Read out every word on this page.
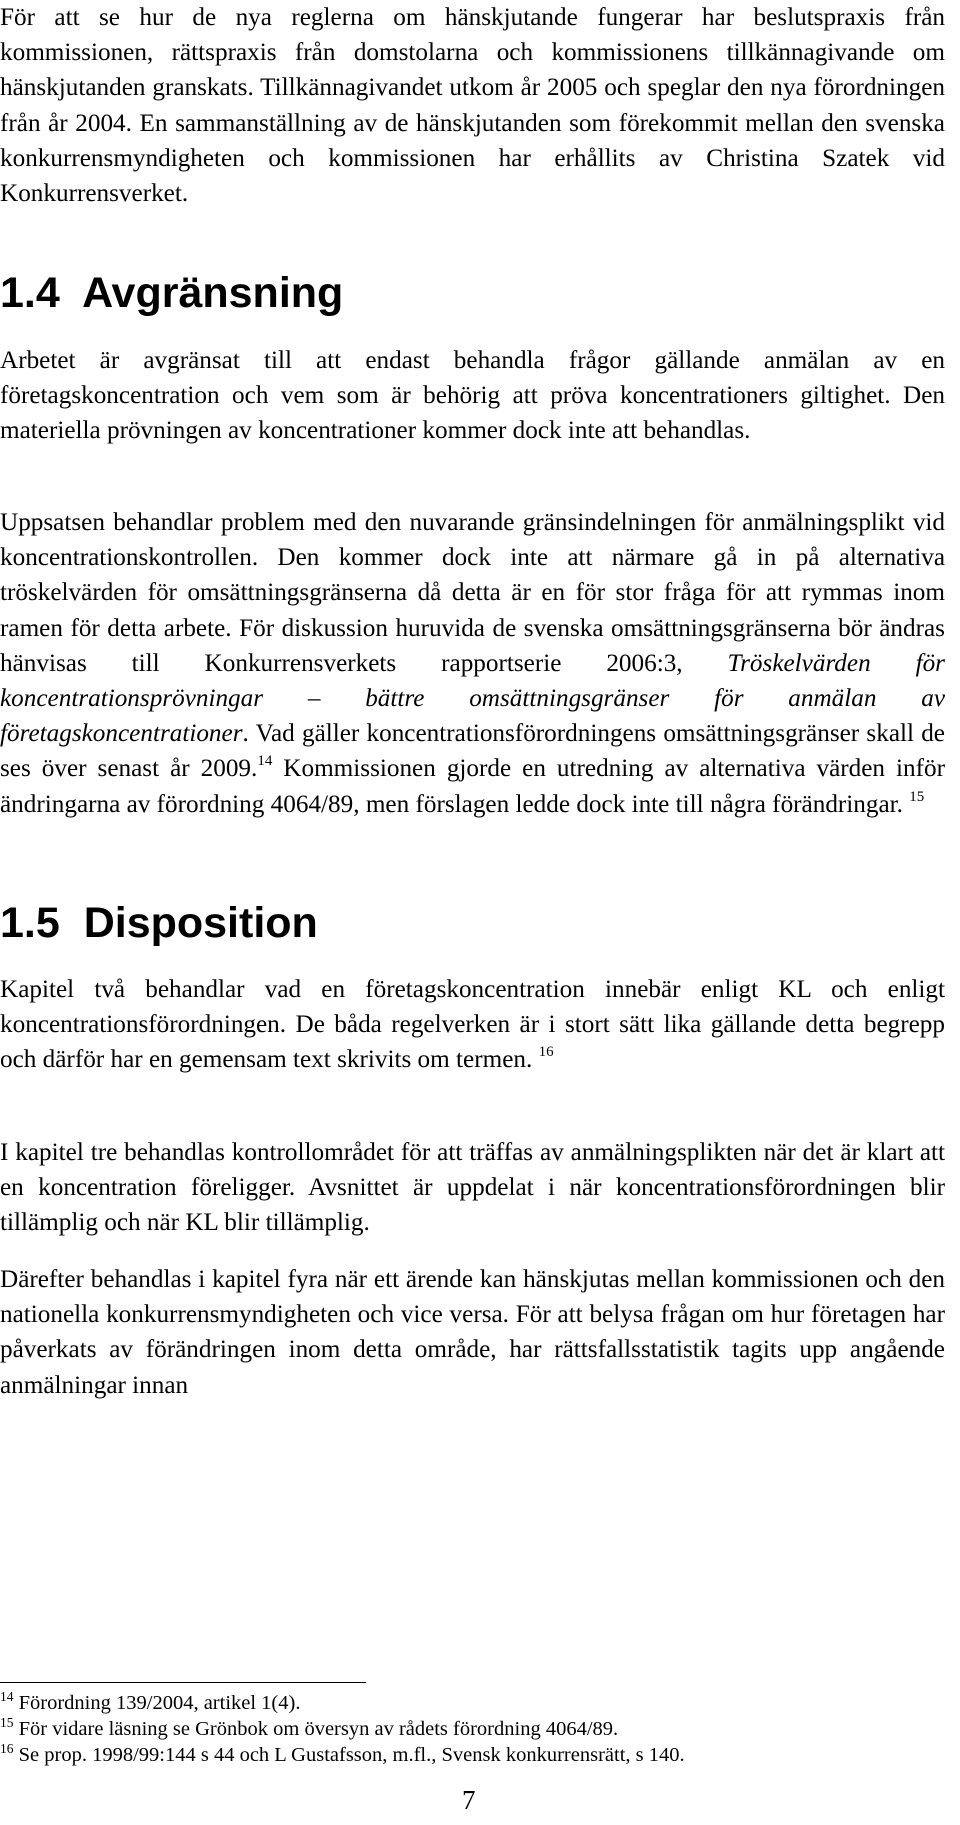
För att se hur de nya reglerna om hänskjutande fungerar har beslutspraxis från kommissionen, rättspraxis från domstolarna och kommissionens tillkännagivande om hänskjutanden granskats. Tillkännagivandet utkom år 2005 och speglar den nya förordningen från år 2004. En sammanställning av de hänskjutanden som förekommit mellan den svenska konkurrensmyndigheten och kommissionen har erhållits av Christina Szatek vid Konkurrensverket.

1.4 Avgränsning

Arbetet är avgränsat till att endast behandla frågor gällande anmälan av en företagskoncentration och vem som är behörig att pröva koncentrationers giltighet. Den materiella prövningen av koncentrationer kommer dock inte att behandlas.

Uppsatsen behandlar problem med den nuvarande gränsindelningen för anmälningsplikt vid koncentrationskontrollen. Den kommer dock inte att närmare gå in på alternativa tröskelvärden för omsättningsgränserna då detta är en för stor fråga för att rymmas inom ramen för detta arbete. För diskussion huruvida de svenska omsättningsgränserna bör ändras hänvisas till Konkurrensverkets rapportserie 2006:3, Tröskelvärden för koncentrationsprövningar – bättre omsättningsgränser för anmälan av företagskoncentrationer. Vad gäller koncentrationsförordningens omsättningsgränser skall de ses över senast år 2009.14 Kommissionen gjorde en utredning av alternativa värden inför ändringarna av förordning 4064/89, men förslagen ledde dock inte till några förändringar. $^{15}$

1.5 Disposition

Kapitel två behandlar vad en företagskoncentration innebär enligt KL och enligt koncentrationsförordningen. De båda regelverken är i stort sätt lika gällande detta begrepp och därför har en gemensam text skrivits om termen. $^{16}$

I kapitel tre behandlas kontrollområdet för att träffas av anmälningsplikten när det är klart att en koncentration föreligger. Avsnittet är uppdelat i när koncentrationsförordningen blir tillämplig och när KL blir tillämplig.

Därefter behandlas i kapitel fyra när ett ärende kan hänskjutas mellan kommissionen och den nationella konkurrensmyndigheten och vice versa. För att belysa frågan om hur företagen har påverkats av förändringen inom detta område, har rättsfallsstatistik tagits upp angående anmälningar innan

$^{14}$ Förordning 139/2004, artikel 1(4).

$^{15}$ För vidare läsning se Grönbok om översyn av rådets förordning 4064/89.

$^{16}$ Se prop. 1998/99:144 s 44 och L Gustafsson, m.fl., Svensk konkurrensrätt, s 140.

7
